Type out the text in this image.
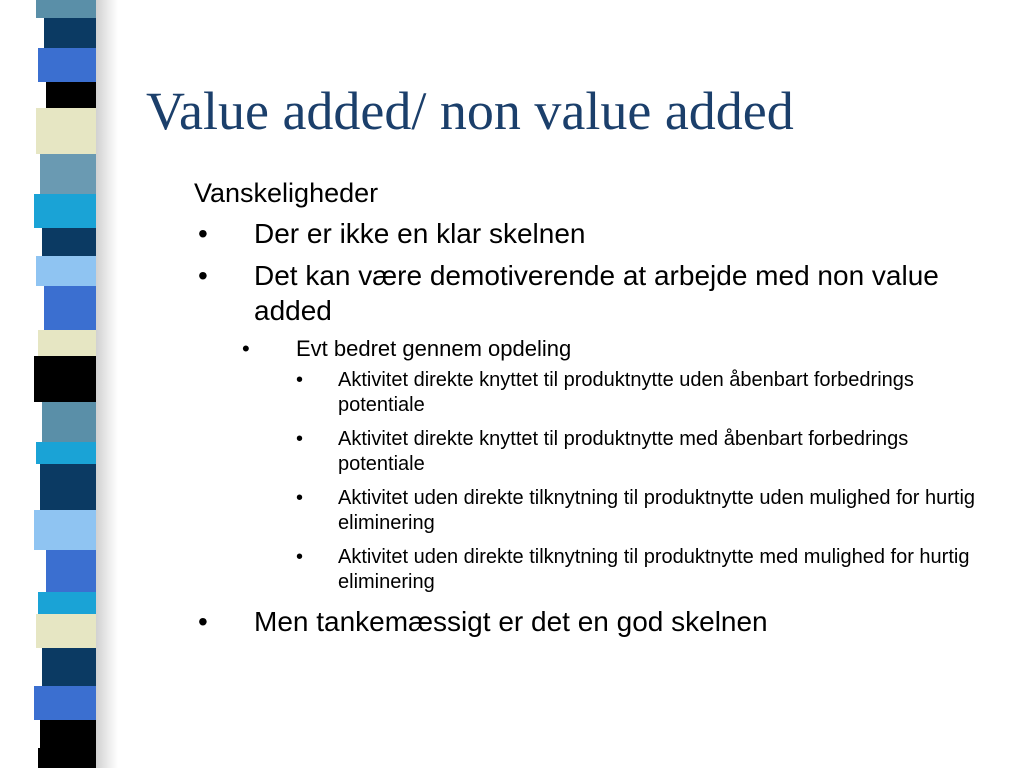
Value added/ non value added

Vanskeligheder

• Der er ikke en klar skelnen
• Det kan være demotiverende at arbejde med non value added
• Evt bedret gennem opdeling
• Aktivitet direkte knyttet til produktnytte uden åbenbart forbedrings potentiale
• Aktivitet direkte knyttet til produktnytte med åbenbart forbedrings potentiale
• Aktivitet uden direkte tilknytning til produktnytte uden mulighed for hurtig eliminering
• Aktivitet uden direkte tilknytning til produktnytte med mulighed for hurtig eliminering
• Men tankemæssigt er det en god skelnen
